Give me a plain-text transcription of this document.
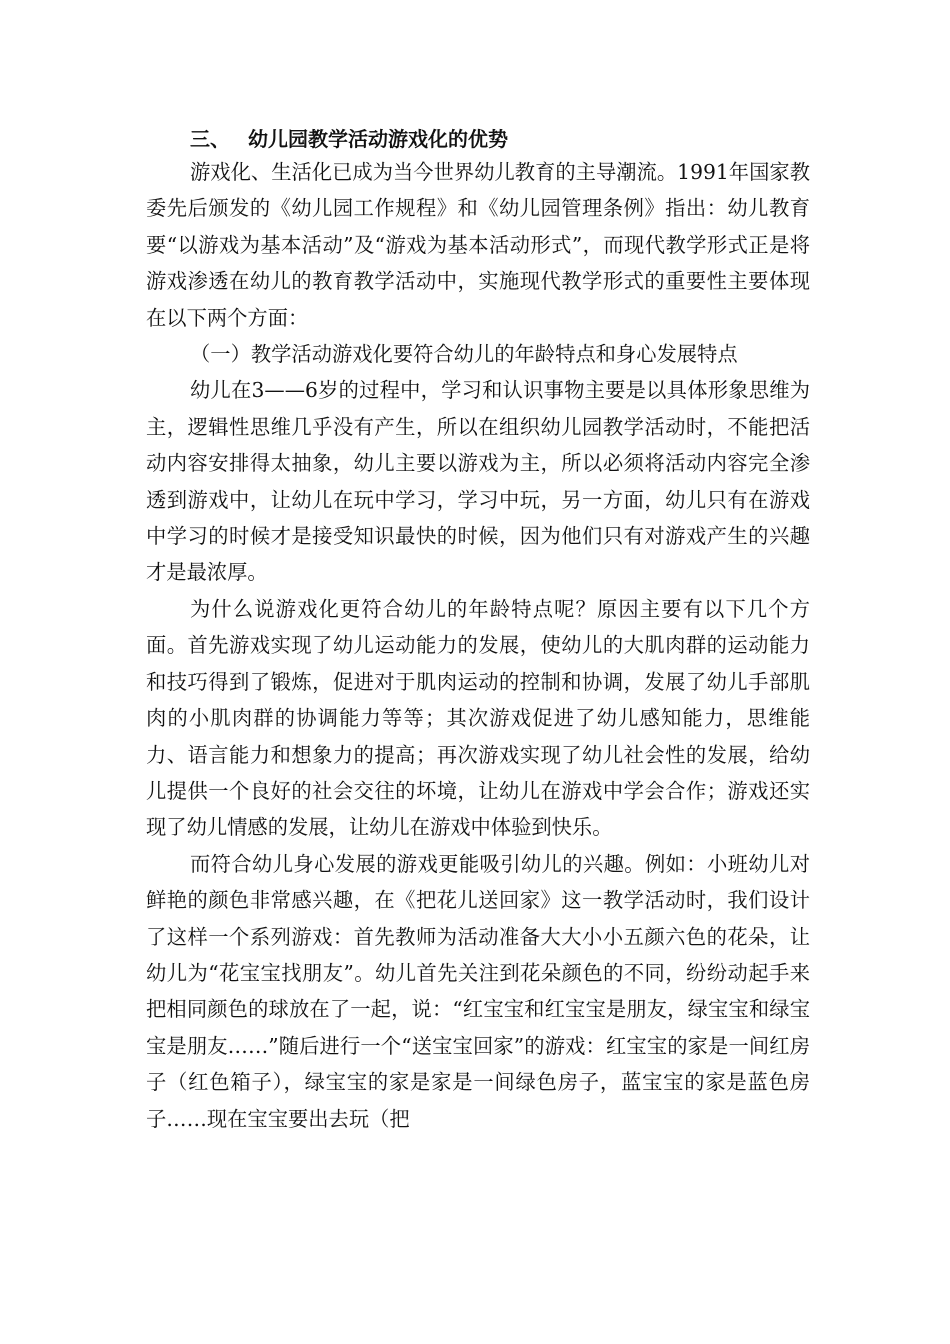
三、 幼儿园教学活动游戏化的优势

游戏化、生活化已成为当今世界幼儿教育的主导潮流。1991年国家教委先后颁发的《幼儿园工作规程》和《幼儿园管理条例》指出：幼儿教育要“以游戏为基本活动”及“游戏为基本活动形式”，而现代教学形式正是将游戏渗透在幼儿的教育教学活动中，实施现代教学形式的重要性主要体现在以下两个方面：

（一）教学活动游戏化要符合幼儿的年龄特点和身心发展特点

幼儿在3——6岁的过程中，学习和认识事物主要是以具体形象思维为主，逻辑性思维几乎没有产生，所以在组织幼儿园教学活动时，不能把活动内容安排得太抽象，幼儿主要以游戏为主，所以必须将活动内容完全渗透到游戏中，让幼儿在玩中学习，学习中玩，另一方面，幼儿只有在游戏中学习的时候才是接受知识最快的时候，因为他们只有对游戏产生的兴趣才是最浓厚。

为什么说游戏化更符合幼儿的年龄特点呢？原因主要有以下几个方面。首先游戏实现了幼儿运动能力的发展，使幼儿的大肌肉群的运动能力和技巧得到了锻炼，促进对于肌肉运动的控制和协调，发展了幼儿手部肌肉的小肌肉群的协调能力等等；其次游戏促进了幼儿感知能力，思维能力、语言能力和想象力的提高；再次游戏实现了幼儿社会性的发展，给幼儿提供一个良好的社会交往的坏境，让幼儿在游戏中学会合作；游戏还实现了幼儿情感的发展，让幼儿在游戏中体验到快乐。

而符合幼儿身心发展的游戏更能吸引幼儿的兴趣。例如：小班幼儿对鲜艳的颜色非常感兴趣，在《把花儿送回家》这一教学活动时，我们设计了这样一个系列游戏：首先教师为活动准备大大小小五颜六色的花朵，让幼儿为“花宝宝找朋友”。幼儿首先关注到花朵颜色的不同，纷纷动起手来把相同颜色的球放在了一起，说：“红宝宝和红宝宝是朋友，绿宝宝和绿宝宝是朋友……”随后进行一个“送宝宝回家”的游戏：红宝宝的家是一间红房子（红色箱子），绿宝宝的家是家是一间绿色房子，蓝宝宝的家是蓝色房子……现在宝宝要出去玩（把
